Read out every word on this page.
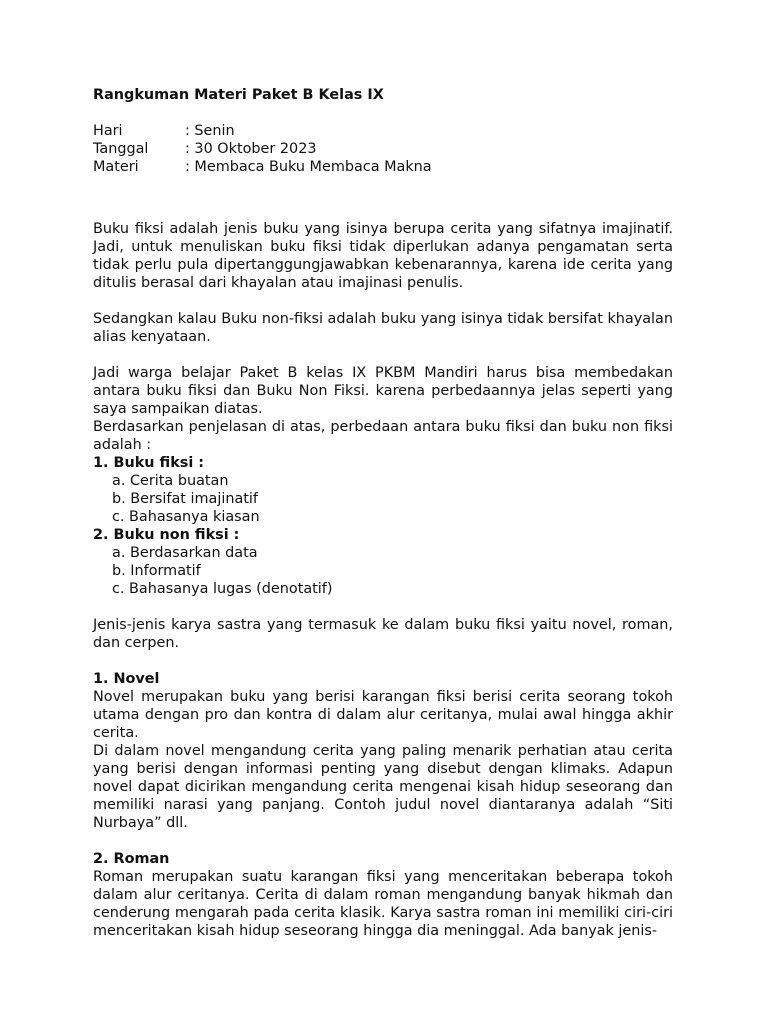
Rangkuman Materi Paket B Kelas IX

Hari	: Senin
Tanggal	: 30 Oktober 2023
Materi	: Membaca Buku Membaca Makna

Buku fiksi adalah jenis buku yang isinya berupa cerita yang sifatnya imajinatif. Jadi, untuk menuliskan buku fiksi tidak diperlukan adanya pengamatan serta tidak perlu pula dipertanggungjawabkan kebenarannya, karena ide cerita yang ditulis berasal dari khayalan atau imajinasi penulis.

Sedangkan kalau Buku non-fiksi adalah buku yang isinya tidak bersifat khayalan alias kenyataan.

Jadi warga belajar Paket B kelas IX PKBM Mandiri harus bisa membedakan antara buku fiksi dan Buku Non Fiksi. karena perbedaannya jelas seperti yang saya sampaikan diatas.

Berdasarkan penjelasan di atas, perbedaan antara buku fiksi dan buku non fiksi adalah :

1. Buku fiksi :

a. Cerita buatan

b. Bersifat imajinatif

c. Bahasanya kiasan

2. Buku non fiksi :

a. Berdasarkan data

b. Informatif

c. Bahasanya lugas (denotatif)

Jenis-jenis karya sastra yang termasuk ke dalam buku fiksi yaitu novel, roman, dan cerpen.

1. Novel

Novel merupakan buku yang berisi karangan fiksi berisi cerita seorang tokoh utama dengan pro dan kontra di dalam alur ceritanya, mulai awal hingga akhir cerita.

Di dalam novel mengandung cerita yang paling menarik perhatian atau cerita yang berisi dengan informasi penting yang disebut dengan klimaks. Adapun novel dapat dicirikan mengandung cerita mengenai kisah hidup seseorang dan memiliki narasi yang panjang. Contoh judul novel diantaranya adalah “Siti Nurbaya” dll.

2. Roman

Roman merupakan suatu karangan fiksi yang menceritakan beberapa tokoh dalam alur ceritanya. Cerita di dalam roman mengandung banyak hikmah dan cenderung mengarah pada cerita klasik. Karya sastra roman ini memiliki ciri-ciri menceritakan kisah hidup seseorang hingga dia meninggal. Ada banyak jenis-
